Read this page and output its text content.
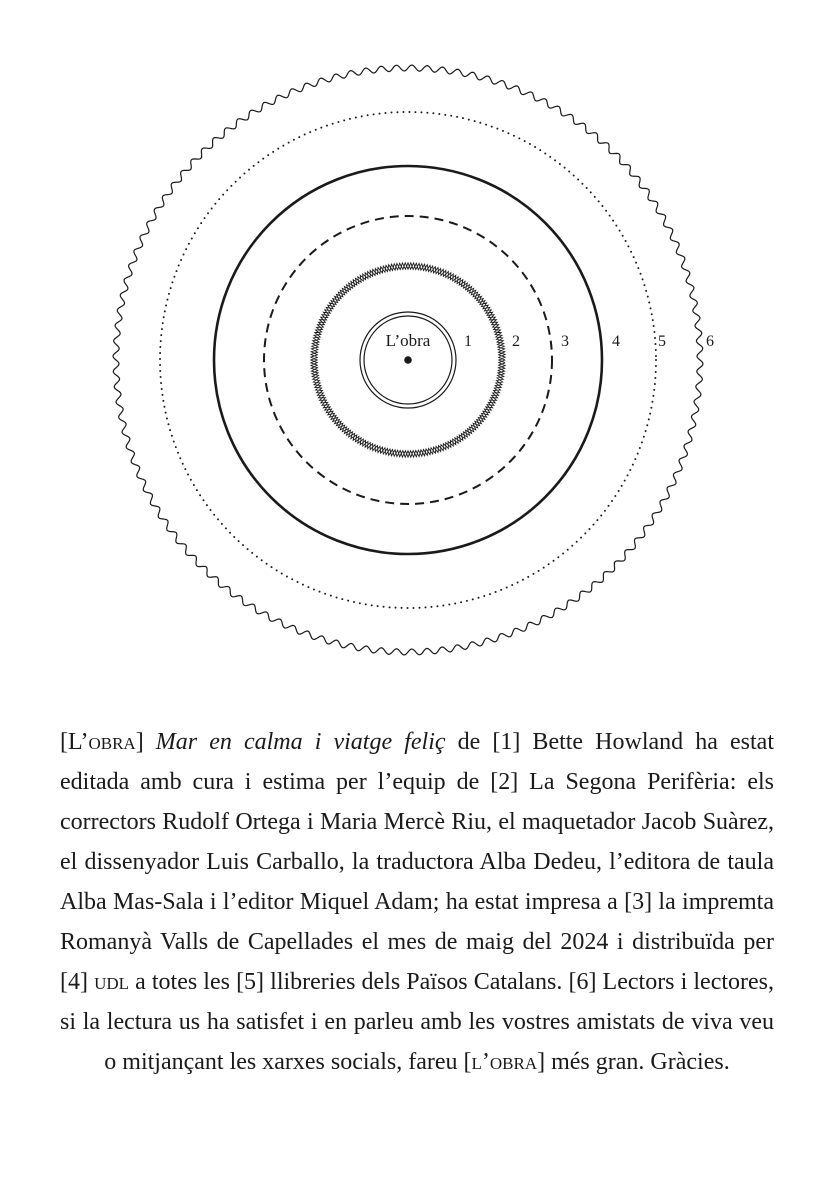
L’obra 1	2	3	4 5	6

[L’obra] Mar en calma i viatge feliç de [1] Bette Howland ha estat editada amb cura i estima per l’equip de [2] La Segona Perifèria: els correctors Rudolf Ortega i Maria Mercè Riu, el maquetador Jacob Suàrez, el dissenyador Luis Carballo, la traductora Alba Dedeu, l’editora de taula Alba Mas-Sala i l’editor Miquel Adam; ha estat impresa a [3] la impremta Romanyà Valls de Capellades el mes de maig del 2024 i distribuïda per [4] udl a totes les [5] llibreries dels Països Catalans. [6] Lectors i lectores, si la lectura us ha satisfet i en parleu amb les vostres amistats de viva veu o mitjançant les xarxes socials, fareu [l’obra] més gran. Gràcies.
